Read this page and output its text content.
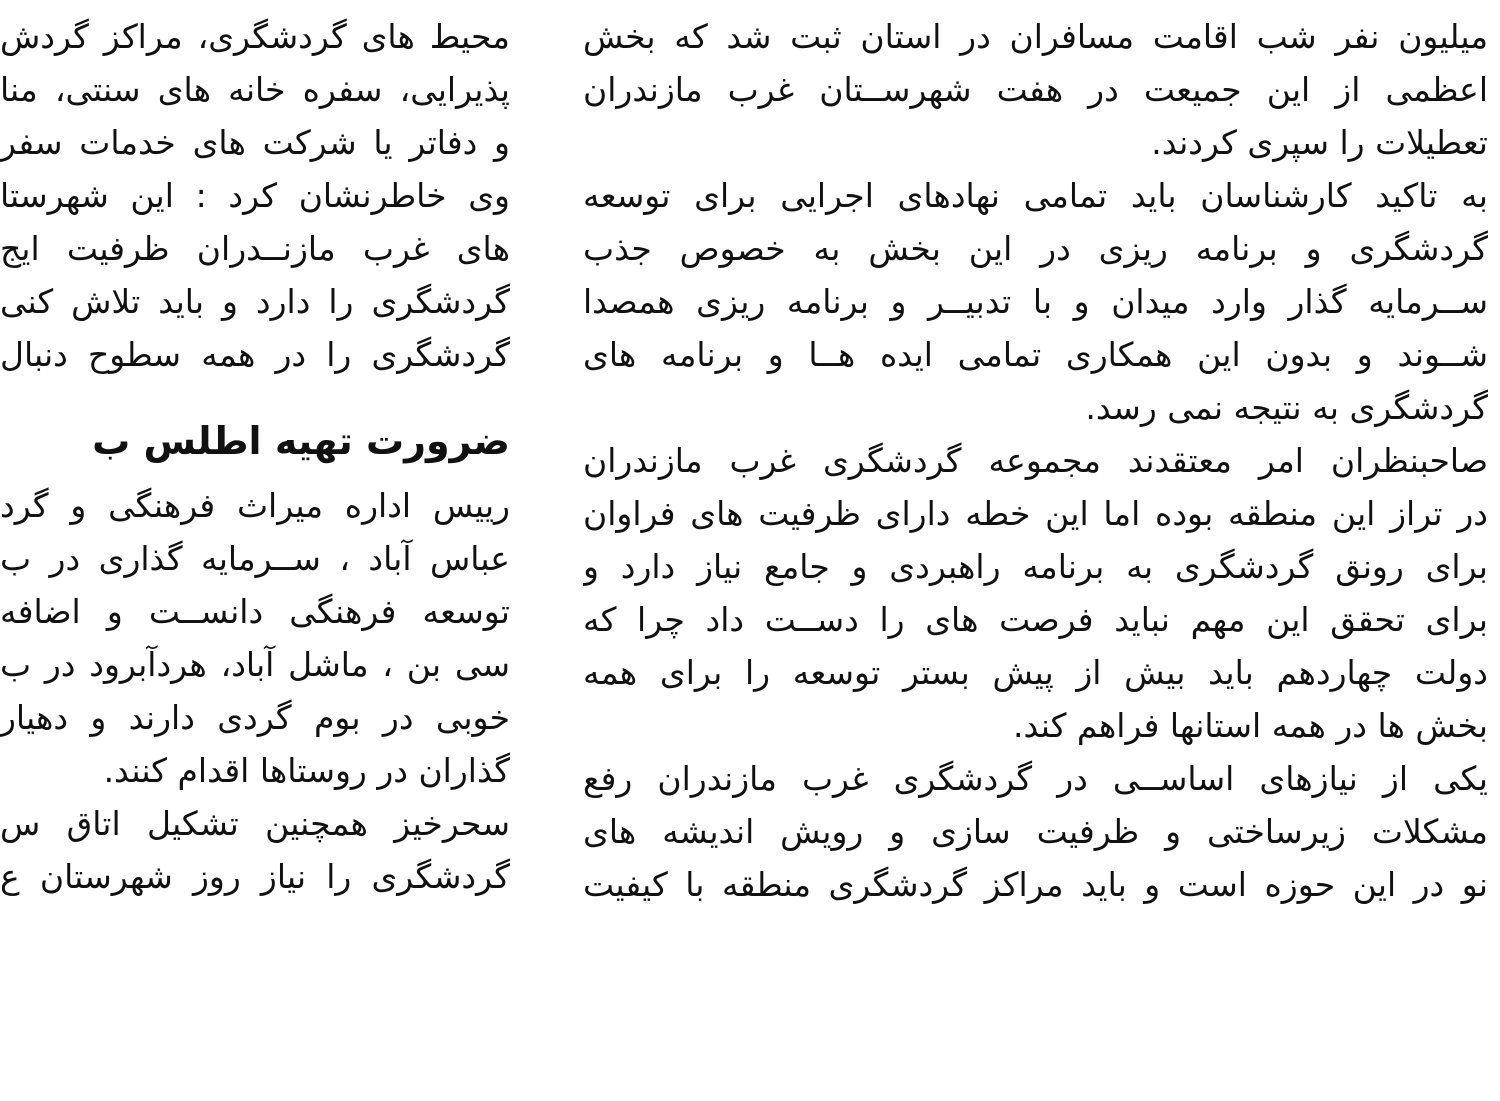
میلیون نفر شب اقامت مسافران در استان ثبت شد که بخش
اعظمی از این جمیعت در هفت شهرســتان غرب مازندران
تعطیلات را سپری کردند.
به تاکید کارشناسان باید تمامی نهادهای اجرایی برای توسعه
گردشگری و برنامه ریزی در این بخش به خصوص جذب
ســرمایه گذار وارد میدان و با تدبیــر و برنامه ریزی همصدا
شــوند و بدون این همکاری تمامی ایده هــا و برنامه های
گردشگری به نتیجه نمی رسد.
صاحبنظران امر معتقدند مجموعه گردشگری غرب مازندران
در تراز این منطقه بوده اما این خطه دارای ظرفیت های فراوان
برای رونق گردشگری به برنامه راهبردی و جامع نیاز دارد و
برای تحقق این مهم نباید فرصت های را دســت داد چرا که
دولت چهاردهم باید بیش از پیش بستر توسعه را برای همه
بخش ها در همه استانها فراهم کند.
یکی از نیازهای اساســی در گردشگری غرب مازندران رفع
مشکلات زیرساختی و ظرفیت سازی و رویش اندیشه های
نو در این حوزه است و باید مراکز گردشگری منطقه با کیفیت
محیط های گردشگری، مراکز گردش
پذیرایی، سفره خانه های سنتی، منا
و دفاتر یا شرکت های خدمات سفر
وی خاطرنشان کرد : این شهرستا
های غرب مازنــدران ظرفیت ایج
گردشگری را دارد و باید تلاش کنی
گردشگری را در همه سطوح دنبال
ضرورت تهیه اطلس ب
رییس اداره میراث فرهنگی و گرد
عباس آباد ، ســرمایه گذاری در ب
توسعه فرهنگی دانســت و اضافه
سی بن ، ماشل آباد، هردآبرود در ب
خوبی در بوم گردی دارند و دهیار
گذاران در روستاها اقدام کنند.
سحرخیز همچنین تشکیل اتاق س
گردشگری را نیاز روز شهرستان ع
